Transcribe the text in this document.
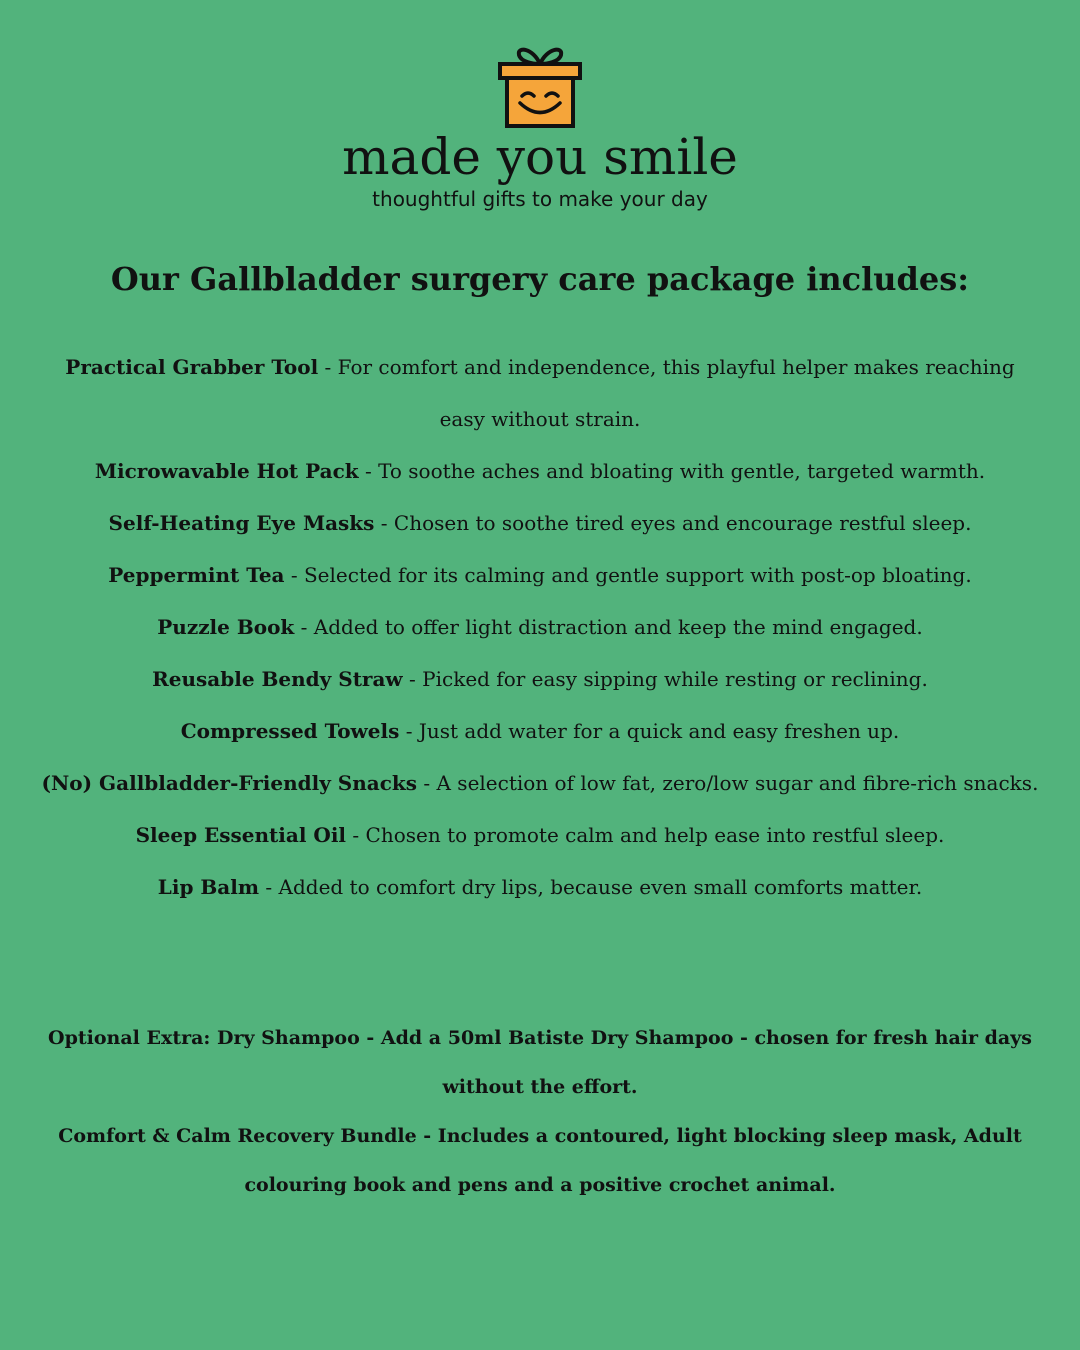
made you smile
thoughtful gifts to make your day
Our Gallbladder surgery care package includes:

Practical Grabber Tool - For comfort and independence, this playful helper makes reaching easy without strain.

Microwavable Hot Pack - To soothe aches and bloating with gentle, targeted warmth.

Self-Heating Eye Masks - Chosen to soothe tired eyes and encourage restful sleep.

Peppermint Tea - Selected for its calming and gentle support with post-op bloating.

Puzzle Book - Added to offer light distraction and keep the mind engaged.

Reusable Bendy Straw - Picked for easy sipping while resting or reclining.

Compressed Towels - Just add water for a quick and easy freshen up.

(No) Gallbladder-Friendly Snacks - A selection of low fat, zero/low sugar and fibre-rich snacks.

Sleep Essential Oil - Chosen to promote calm and help ease into restful sleep.

Lip Balm - Added to comfort dry lips, because even small comforts matter.

Optional Extra: Dry Shampoo - Add a 50ml Batiste Dry Shampoo - chosen for fresh hair days without the effort.

Comfort & Calm Recovery Bundle - Includes a contoured, light blocking sleep mask, Adult colouring book and pens and a positive crochet animal.
